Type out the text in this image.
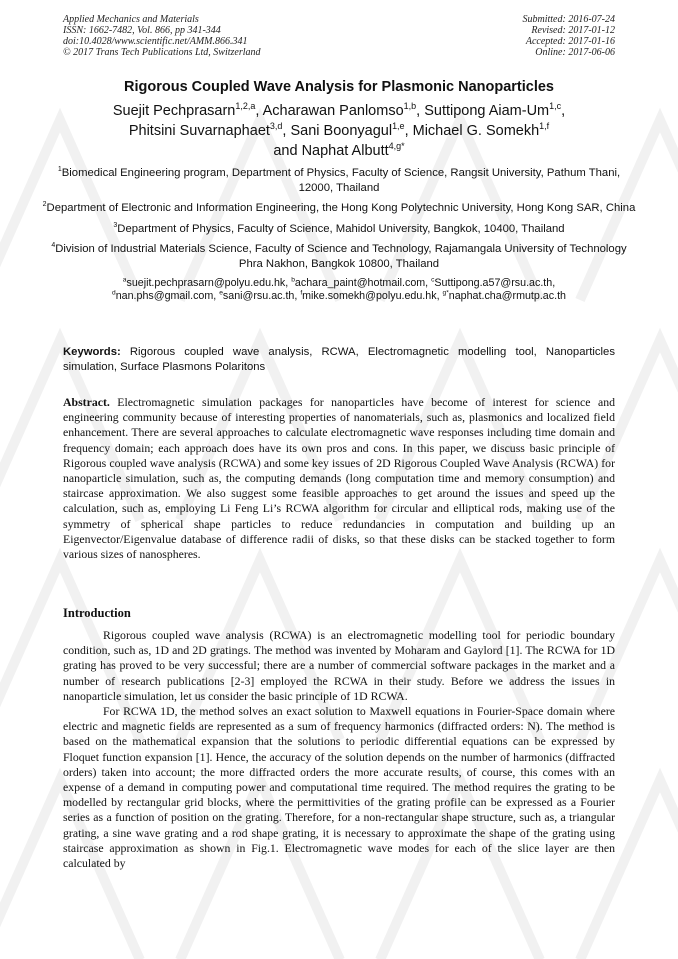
Applied Mechanics and Materials
ISSN: 1662-7482, Vol. 866, pp 341-344
doi:10.4028/www.scientific.net/AMM.866.341
© 2017 Trans Tech Publications Ltd, Switzerland
Submitted: 2016-07-24
Revised: 2017-01-12
Accepted: 2017-01-16
Online: 2017-06-06
Rigorous Coupled Wave Analysis for Plasmonic Nanoparticles
Suejit Pechprasarn$^{1,2,a}$, Acharawan Panlomso$^{1,b}$, Suttipong Aiam-Um$^{1,c}$,
Phitsini Suvarnaphaet$^{3,d}$, Sani Boonyagul$^{1,e}$, Michael G. Somekh$^{1,f}$
and Naphat Albutt$^{4,g*}$
$^1$Biomedical Engineering program, Department of Physics, Faculty of Science, Rangsit University, Pathum Thani, 12000, Thailand
$^2$Department of Electronic and Information Engineering, the Hong Kong Polytechnic University, Hong Kong SAR, China
$^3$Department of Physics, Faculty of Science, Mahidol University, Bangkok, 10400, Thailand
$^4$Division of Industrial Materials Science, Faculty of Science and Technology, Rajamangala University of Technology Phra Nakhon, Bangkok 10800, Thailand
$^a$suejit.pechprasarn@polyu.edu.hk, $^b$achara_paint@hotmail.com, $^c$Suttipong.a57@rsu.ac.th,
$^d$nan.phs@gmail.com, $^e$sani@rsu.ac.th, $^f$mike.somekh@polyu.edu.hk, $^{g*}$naphat.cha@rmutp.ac.th
Keywords: Rigorous coupled wave analysis, RCWA, Electromagnetic modelling tool, Nanoparticles simulation, Surface Plasmons Polaritons
Abstract. Electromagnetic simulation packages for nanoparticles have become of interest for science and engineering community because of interesting properties of nanomaterials, such as, plasmonics and localized field enhancement. There are several approaches to calculate electromagnetic wave responses including time domain and frequency domain; each approach does have its own pros and cons. In this paper, we discuss basic principle of Rigorous coupled wave analysis (RCWA) and some key issues of 2D Rigorous Coupled Wave Analysis (RCWA) for nanoparticle simulation, such as, the computing demands (long computation time and memory consumption) and staircase approximation. We also suggest some feasible approaches to get around the issues and speed up the calculation, such as, employing Li Feng Li’s RCWA algorithm for circular and elliptical rods, making use of the symmetry of spherical shape particles to reduce redundancies in computation and building up an Eigenvector/Eigenvalue database of difference radii of disks, so that these disks can be stacked together to form various sizes of nanospheres.
Introduction

Rigorous coupled wave analysis (RCWA) is an electromagnetic modelling tool for periodic boundary condition, such as, 1D and 2D gratings. The method was invented by Moharam and Gaylord [1]. The RCWA for 1D grating has proved to be very successful; there are a number of commercial software packages in the market and a number of research publications [2-3] employed the RCWA in their study. Before we address the issues in nanoparticle simulation, let us consider the basic principle of 1D RCWA.

For RCWA 1D, the method solves an exact solution to Maxwell equations in Fourier-Space domain where electric and magnetic fields are represented as a sum of frequency harmonics (diffracted orders: N). The method is based on the mathematical expansion that the solutions to periodic differential equations can be expressed by Floquet function expansion [1]. Hence, the accuracy of the solution depends on the number of harmonics (diffracted orders) taken into account; the more diffracted orders the more accurate results, of course, this comes with an expense of a demand in computing power and computational time required. The method requires the grating to be modelled by rectangular grid blocks, where the permittivities of the grating profile can be expressed as a Fourier series as a function of position on the grating. Therefore, for a non-rectangular shape structure, such as, a triangular grating, a sine wave grating and a rod shape grating, it is necessary to approximate the shape of the grating using staircase approximation as shown in Fig.1. Electromagnetic wave modes for each of the slice layer are then calculated by
